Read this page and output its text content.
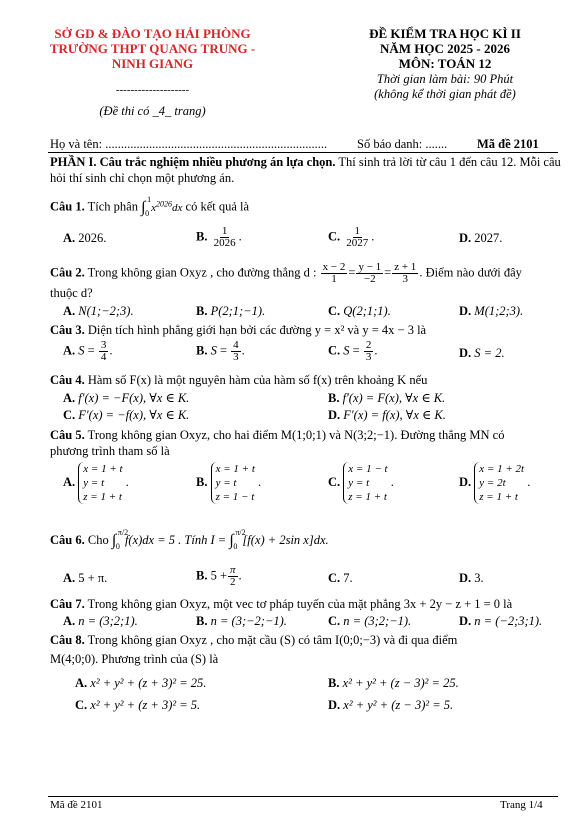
SỞ GD & ĐÀO TẠO HẢI PHÒNG
TRƯỜNG THPT QUANG TRUNG -
NINH GIANG
--------------------
(Đề thi có _4_ trang)
ĐỀ KIỂM TRA HỌC KÌ II
NĂM HỌC 2025 - 2026
MÔN: TOÁN 12
Thời gian làm bài: 90 Phút
(không kể thời gian phát đề)
Họ và tên: ....................................................................... Số báo danh: ....... Mã đề 2101
PHẦN I. Câu trắc nghiệm nhiều phương án lựa chọn. Thí sinh trả lời từ câu 1 đến câu 12. Mỗi câu hỏi thí sinh chỉ chọn một phương án.
Câu 1. Tích phân ∫ 1
0 $x^{2026}dx$ có kết quả là
A. 2026.	B. $\frac{1}{2026}$ .	C. $\frac{1}{2027}$ .	D. 2027.
Câu 2. Trong không gian Oxyz , cho đường thẳng d : $\frac{x - 2}{1} = \frac{y - 1}{-2} = \frac{z + 1}{3}$ . Điểm nào dưới đây
thuộc d?
A. N(1;−2;3).	B. P(2;1;−1).	C. Q(2;1;1).	D. M(1;2;3).
Câu 3. Diện tích hình phẳng giới hạn bởi các đường y = x² và y = 4x − 3 là
A. $S = \frac{3}{4}$ .	B. $S = \frac{4}{3}$ .	C. $S = \frac{2}{3}$ .	D. S = 2.
Câu 4. Hàm số F(x) là một nguyên hàm của hàm số f(x) trên khoảng K nếu
A. f′(x) = −F(x), ∀x ∈ K.	B. f′(x) = F(x), ∀x ∈ K.
C. F′(x) = −f(x), ∀x ∈ K.	D. F′(x) = f(x), ∀x ∈ K.
Câu 5. Trong không gian Oxyz, cho hai điểm M(1;0;1) và N(3;2;−1). Đường thẳng MN có
phương trình tham số là
A. x = 1 + t
y = t
z = 1 + t .	B. x = 1 + t
y = t
z = 1 − t .	C. x = 1 − t
y = t
z = 1 + t .	D. x = 1 + 2t
y = 2t
z = 1 + t .
Câu 6. Cho ∫ π/2
0 f(x)dx = 5 . Tính I = ∫ π/2
0 [f(x) + 2sin x]dx.
A. 5 + π.	B. $5 + \frac{\pi}{2}$ .	C. 7.	D. 3.
Câu 7. Trong không gian Oxyz, một vec tơ pháp tuyến của mặt phẳng 3x + 2y − z + 1 = 0 là
A. n = (3;2;1).	B. n = (3;−2;−1).	C. n = (3;2;−1).	D. n = (−2;3;1).
Câu 8. Trong không gian Oxyz , cho mặt cầu (S) có tâm I(0;0;−3) và đi qua điểm
M(4;0;0). Phương trình của (S) là
A. x² + y² + (z + 3)² = 25.	B. x² + y² + (z − 3)² = 25.
C. x² + y² + (z + 3)² = 5.	D. x² + y² + (z − 3)² = 5.
Mã đề 2101	Trang 1/4
